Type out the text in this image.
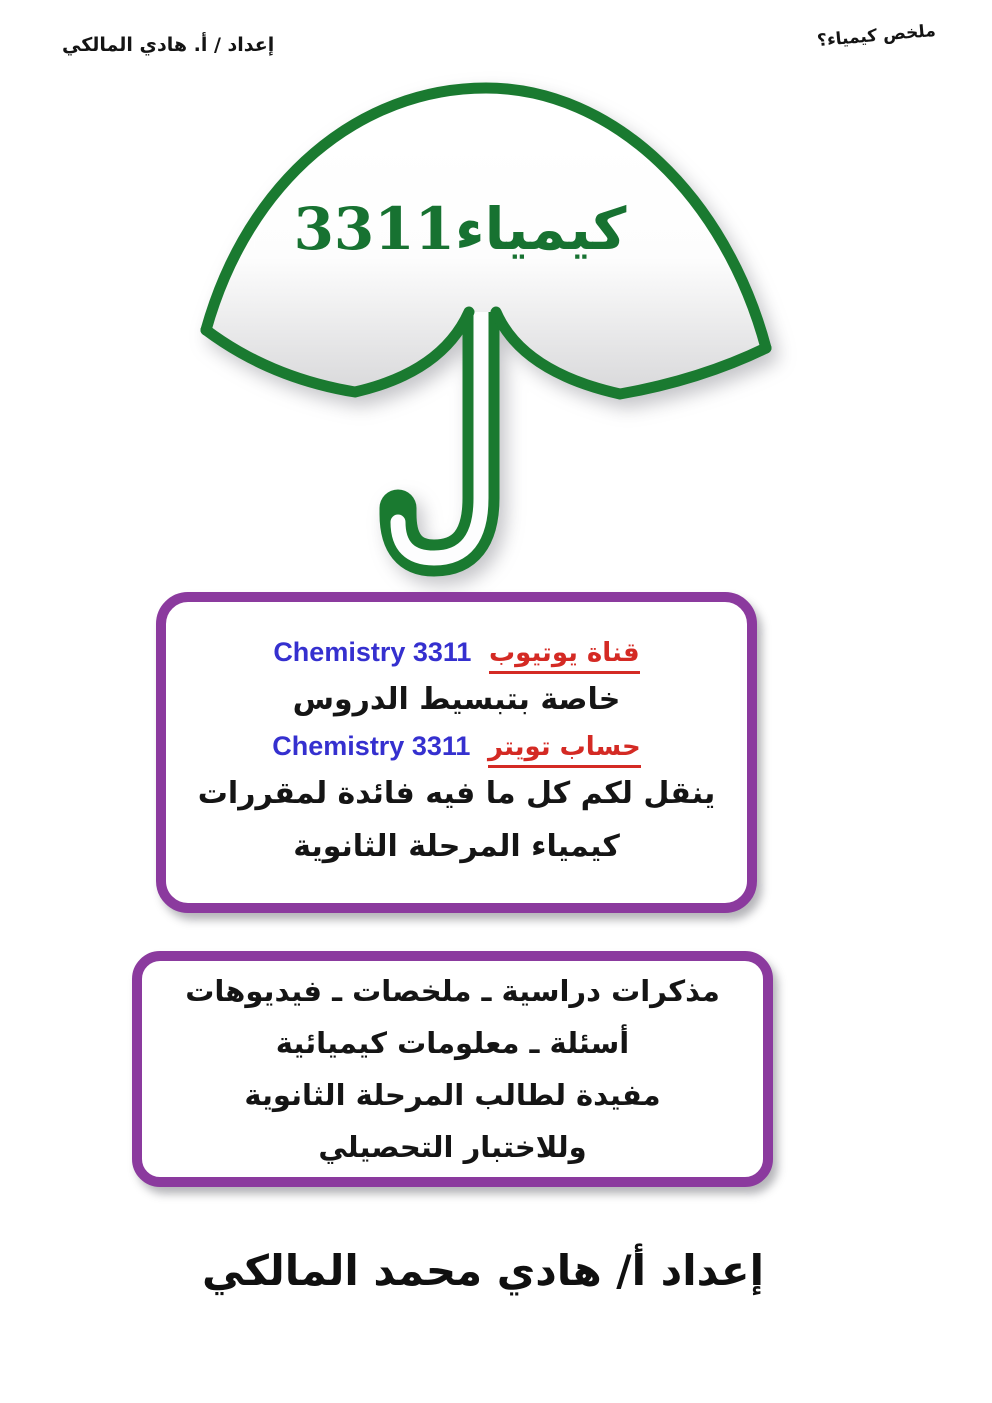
إعداد / أ. هادي المالكي	ملخص كيمياء؟
كيمياء3311
قناة يوتيوب Chemistry 3311
خاصة بتبسيط الدروس
حساب تويتر Chemistry 3311
ينقل لكم كل ما فيه فائدة لمقررات
كيمياء المرحلة الثانوية
مذكرات دراسية ـ ملخصات ـ فيديوهات
أسئلة ـ معلومات كيميائية
مفيدة لطالب المرحلة الثانوية
وللاختبار التحصيلي
إعداد أ/ هادي محمد المالكي
